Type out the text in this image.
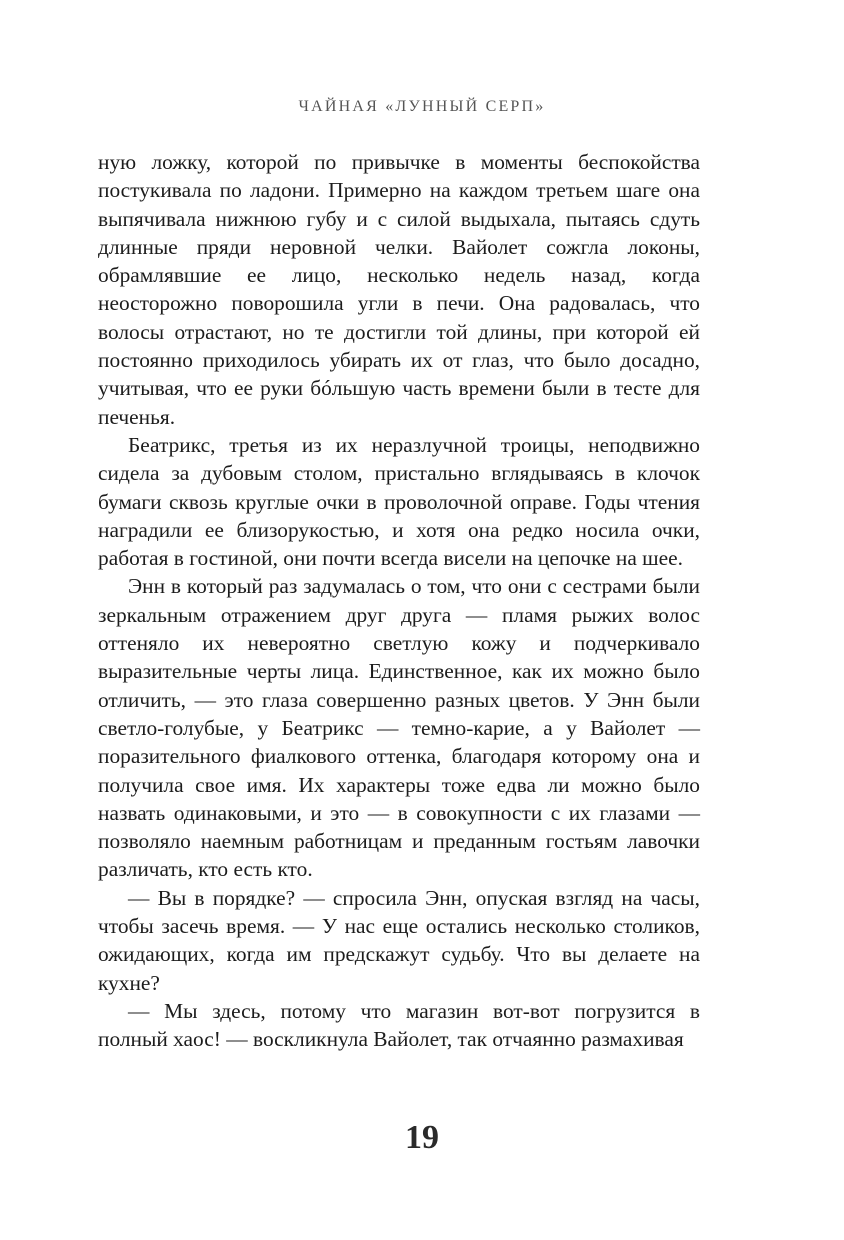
ЧАЙНАЯ «ЛУННЫЙ СЕРП»

ную ложку, которой по привычке в моменты беспокойства постукивала по ладони. Примерно на каждом третьем шаге она выпячивала нижнюю губу и с силой выдыхала, пытаясь сдуть длинные пряди неровной челки. Вайолет сожгла локоны, обрамлявшие ее лицо, несколько недель назад, когда неосторожно поворошила угли в печи. Она радовалась, что волосы отрастают, но те достигли той длины, при которой ей постоянно приходилось убирать их от глаз, что было досадно, учитывая, что ее руки бóльшую часть времени были в тесте для печенья.

Беатрикс, третья из их неразлучной троицы, неподвижно сидела за дубовым столом, пристально вглядываясь в клочок бумаги сквозь круглые очки в проволочной оправе. Годы чтения наградили ее близорукостью, и хотя она редко носила очки, работая в гостиной, они почти всегда висели на цепочке на шее.

Энн в который раз задумалась о том, что они с сестрами были зеркальным отражением друг друга — пламя рыжих волос оттеняло их невероятно светлую кожу и подчеркивало выразительные черты лица. Единственное, как их можно было отличить, — это глаза совершенно разных цветов. У Энн были светло-голубые, у Беатрикс — темно-карие, а у Вайолет — поразительного фиалкового оттенка, благодаря которому она и получила свое имя. Их характеры тоже едва ли можно было назвать одинаковыми, и это — в совокупности с их глазами — позволяло наемным работницам и преданным гостьям лавочки различать, кто есть кто.

— Вы в порядке? — спросила Энн, опуская взгляд на часы, чтобы засечь время. — У нас еще остались несколько столиков, ожидающих, когда им предскажут судьбу. Что вы делаете на кухне?

— Мы здесь, потому что магазин вот-вот погрузится в полный хаос! — воскликнула Вайолет, так отчаянно размахивая

19
